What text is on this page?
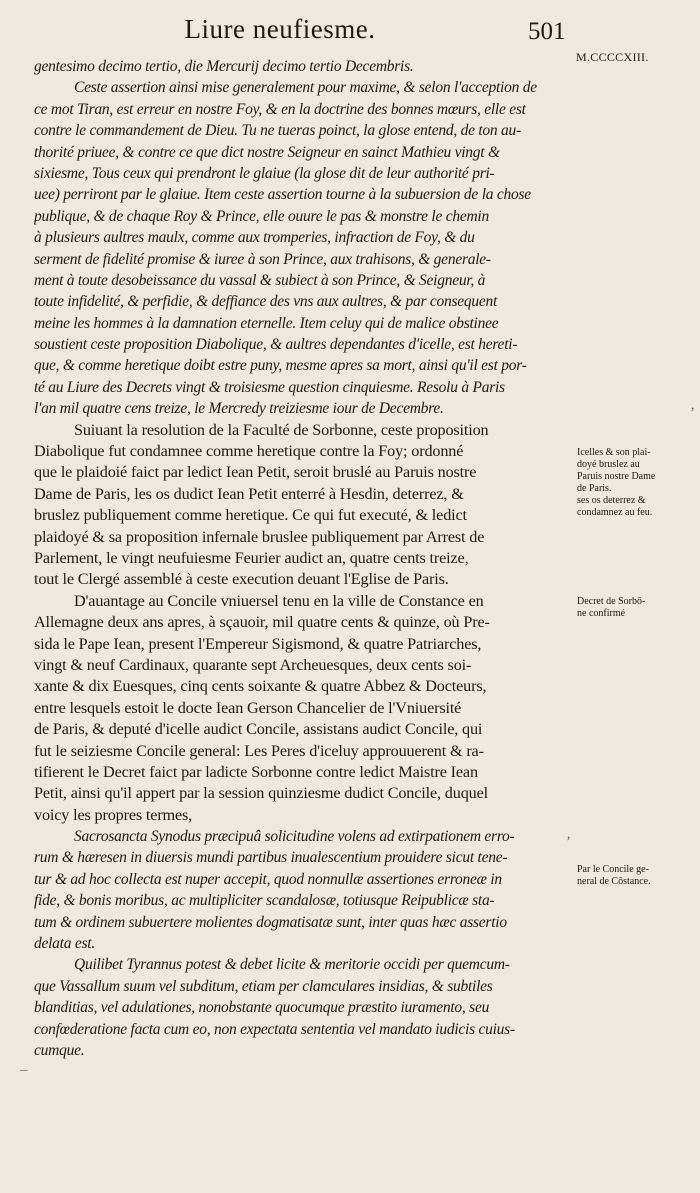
Liure neufiesme.	501
M.CCCCXIII.
gentesimo decimo tertio, die Mercurij decimo tertio Decembris.
Ceste assertion ainsi mise generalement pour maxime, & selon l'acception de
ce mot Tiran, est erreur en nostre Foy, & en la doctrine des bonnes mœurs, elle est
contre le commandement de Dieu. Tu ne tueras poinct, la glose entend, de ton au-
thorité priuee, & contre ce que dict nostre Seigneur en sainct Mathieu vingt &
sixiesme, Tous ceux qui prendront le glaiue (la glose dit de leur authorité pri-
uee) perriront par le glaiue. Item ceste assertion tourne à la subuersion de la chose
publique, & de chaque Roy & Prince, elle ouure le pas & monstre le chemin
à plusieurs aultres maulx, comme aux tromperies, infraction de Foy, & du
serment de fidelité promise & iuree à son Prince, aux trahisons, & generale-
ment à toute desobeissance du vassal & subiect à son Prince, & Seigneur, à
toute infidelité, & perfidie, & deffiance des vns aux aultres, & par consequent
meine les hommes à la damnation eternelle. Item celuy qui de malice obstinee
soustient ceste proposition Diabolique, & aultres dependantes d'icelle, est hereti-
que, & comme heretique doibt estre puny, mesme apres sa mort, ainsi qu'il est por-
té au Liure des Decrets vingt & troisiesme question cinquiesme. Resolu à Paris
l'an mil quatre cens treize, le Mercredy treiziesme iour de Decembre.
Suiuant la resolution de la Faculté de Sorbonne, ceste proposition
Diabolique fut condamnee comme heretique contre la Foy; ordonné
que le plaidoié faict par ledict Iean Petit, seroit bruslé au Paruis nostre
Dame de Paris, les os dudict Iean Petit enterré à Hesdin, deterrez, &
bruslez publiquement comme heretique. Ce qui fut executé, & ledict
plaidoyé & sa proposition infernale bruslee publiquement par Arrest de
Parlement, le vingt neufuiesme Feurier audict an, quatre cents treize,
tout le Clergé assemblé à ceste execution deuant l'Eglise de Paris.
D'auantage au Concile vniuersel tenu en la ville de Constance en
Allemagne deux ans apres, à sçauoir, mil quatre cents & quinze, où Pre-
sida le Pape Iean, present l'Empereur Sigismond, & quatre Patriarches,
vingt & neuf Cardinaux, quarante sept Archeuesques, deux cents soi-
xante & dix Euesques, cinq cents soixante & quatre Abbez & Docteurs,
entre lesquels estoit le docte Iean Gerson Chancelier de l'Vniuersité
de Paris, & deputé d'icelle audict Concile, assistans audict Concile, qui
fut le seiziesme Concile general: Les Peres d'iceluy approuuerent & ra-
tifierent le Decret faict par ladicte Sorbonne contre ledict Maistre Iean
Petit, ainsi qu'il appert par la session quinziesme dudict Concile, duquel
voicy les propres termes,
Sacrosancta Synodus præcipuâ solicitudine volens ad extirpationem erro-
rum & hæresen in diuersis mundi partibus inualescentium prouidere sicut tene-
tur & ad hoc collecta est nuper accepit, quod nonnullæ assertiones erroneæ in
fide, & bonis moribus, ac multipliciter scandalosæ, totiusque Reipublicæ sta-
tum & ordinem subuertere molientes dogmatisatæ sunt, inter quas hæc assertio
delata est.
Quilibet Tyrannus potest & debet licite & meritorie occidi per quemcum-
que Vassallum suum vel subditum, etiam per clamculares insidias, & subtiles
blanditias, vel adulationes, nonobstante quocumque præstito iuramento, seu
confœderatione facta cum eo, non expectata sententia vel mandato iudicis cuius-
cumque.
Icelles & son plai-
doyé bruslez au
Paruis nostre Dame
de Paris.
ses os deterrez &
condamnez au feu.
Decret de Sorbō-
ne confirmé
Par le Concile ge-
neral de Cōstance.
’
‚
–
